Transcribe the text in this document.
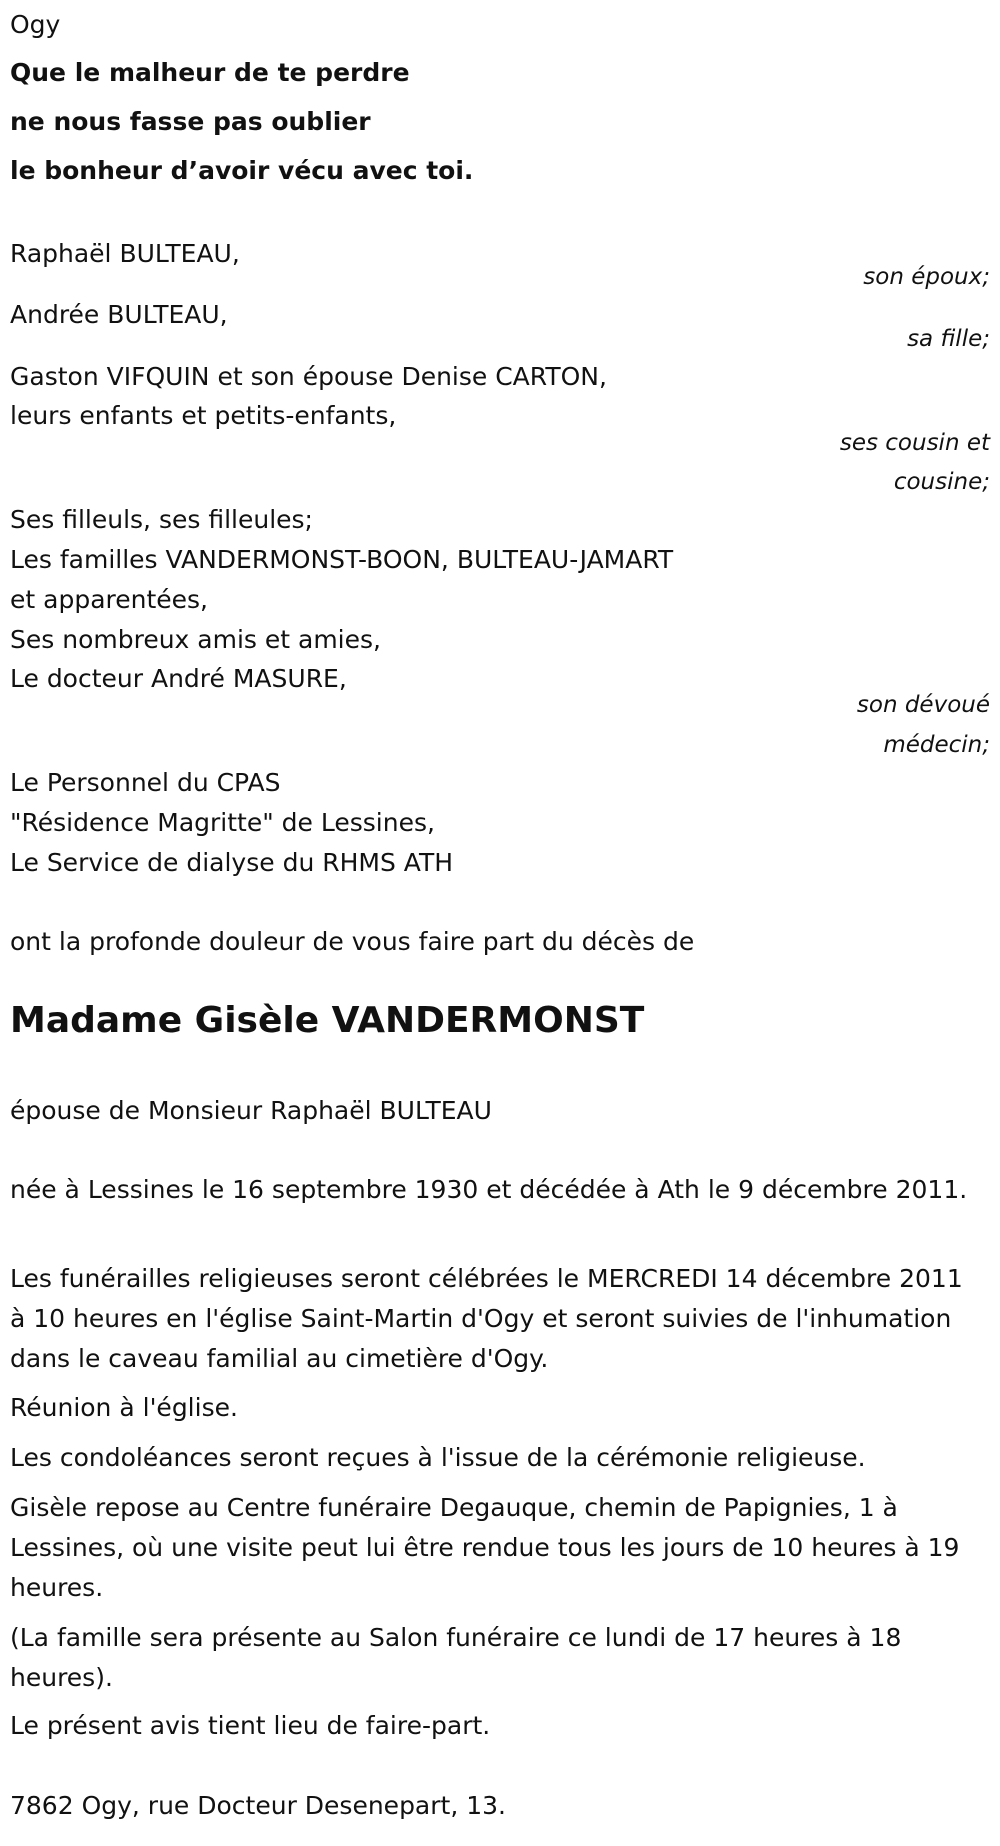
Ogy
Que le malheur de te perdre
ne nous fasse pas oublier
le bonheur d’avoir vécu avec toi.
Raphaël BULTEAU,
son époux;
Andrée BULTEAU,
sa fille;
Gaston VIFQUIN et son épouse Denise CARTON,
leurs enfants et petits-enfants,
ses cousin et
cousine;
Ses filleuls, ses filleules;
Les familles VANDERMONST-BOON, BULTEAU-JAMART
et apparentées,
Ses nombreux amis et amies,
Le docteur André MASURE,
son dévoué
médecin;
Le Personnel du CPAS
"Résidence Magritte" de Lessines,
Le Service de dialyse du RHMS ATH
ont la profonde douleur de vous faire part du décès de
Madame Gisèle VANDERMONST
épouse de Monsieur Raphaël BULTEAU
née à Lessines le 16 septembre 1930 et décédée à Ath le 9 décembre 2011.
Les funérailles religieuses seront célébrées le MERCREDI 14 décembre 2011 à 10 heures en l'église Saint-Martin d'Ogy et seront suivies de l'inhumation dans le caveau familial au cimetière d'Ogy.
Réunion à l'église.
Les condoléances seront reçues à l'issue de la cérémonie religieuse.
Gisèle repose au Centre funéraire Degauque, chemin de Papignies, 1 à Lessines, où une visite peut lui être rendue tous les jours de 10 heures à 19 heures.
(La famille sera présente au Salon funéraire ce lundi de 17 heures à 18 heures).
Le présent avis tient lieu de faire-part.
7862 Ogy, rue Docteur Desenepart, 13.
